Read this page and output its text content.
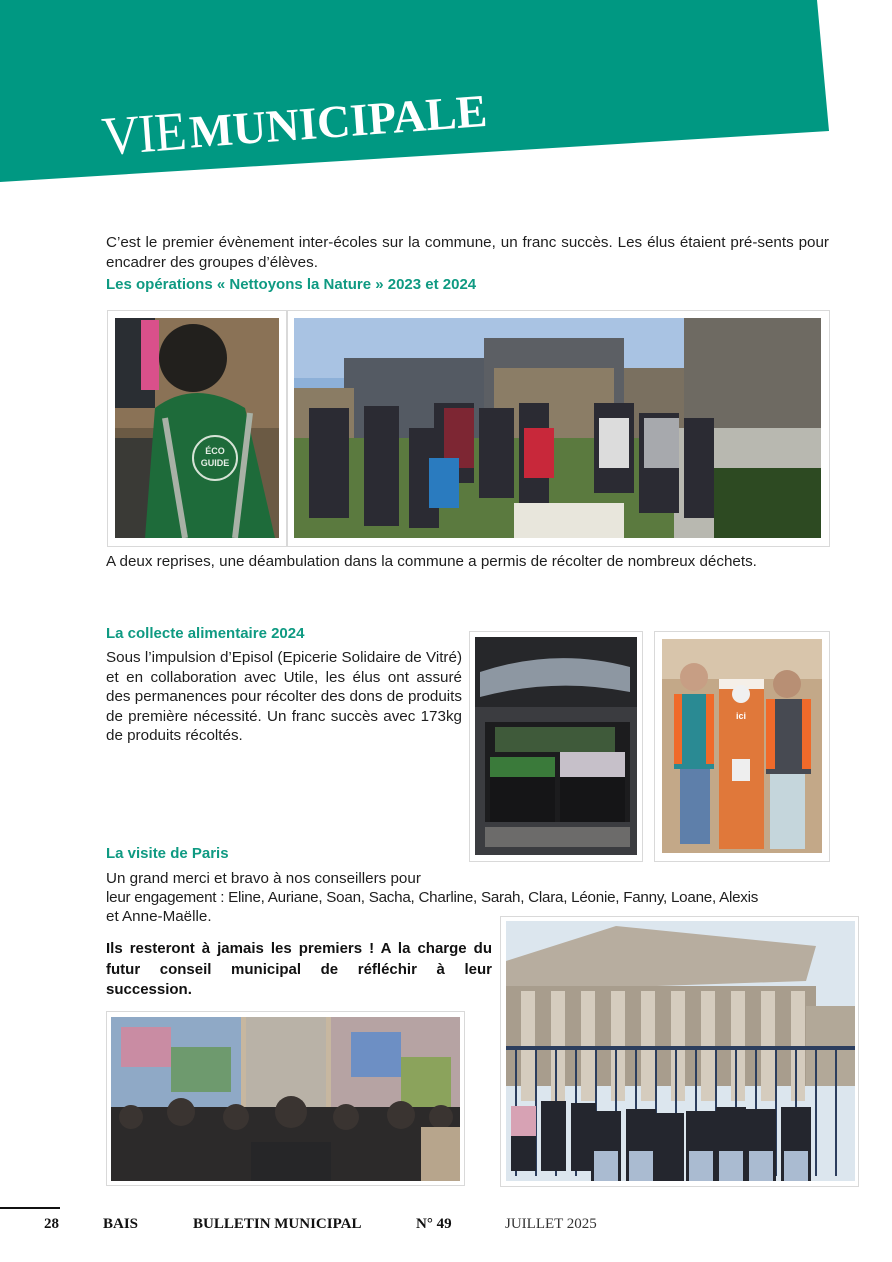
VIE MUNICIPALE

C’est le premier évènement inter-écoles sur la commune, un franc succès. Les élus étaient pré-sents pour encadrer des groupes d’élèves.

Les opérations « Nettoyons la Nature » 2023 et 2024
ÉCO
GUIDE

A deux reprises, une déambulation dans la commune a permis de récolter de nombreux déchets.

La collecte alimentaire 2024

Sous l’impulsion d’Episol (Epicerie Solidaire de Vitré) et en collaboration avec Utile, les élus ont assuré des permanences pour récolter des dons de produits de première nécessité. Un franc succès avec 173kg de produits récoltés.

ici
La visite de Paris

Un grand merci et bravo à nos conseillers pour

leur engagement : Eline, Auriane, Soan, Sacha, Charline, Sarah, Clara, Léonie, Fanny, Loane, Alexis

et Anne-Maëlle.

Ils resteront à jamais les premiers ! A la charge du futur conseil municipal de réfléchir à leur succession.

28	BAIS	BULLETIN MUNICIPAL	N° 49	JUILLET 2025
